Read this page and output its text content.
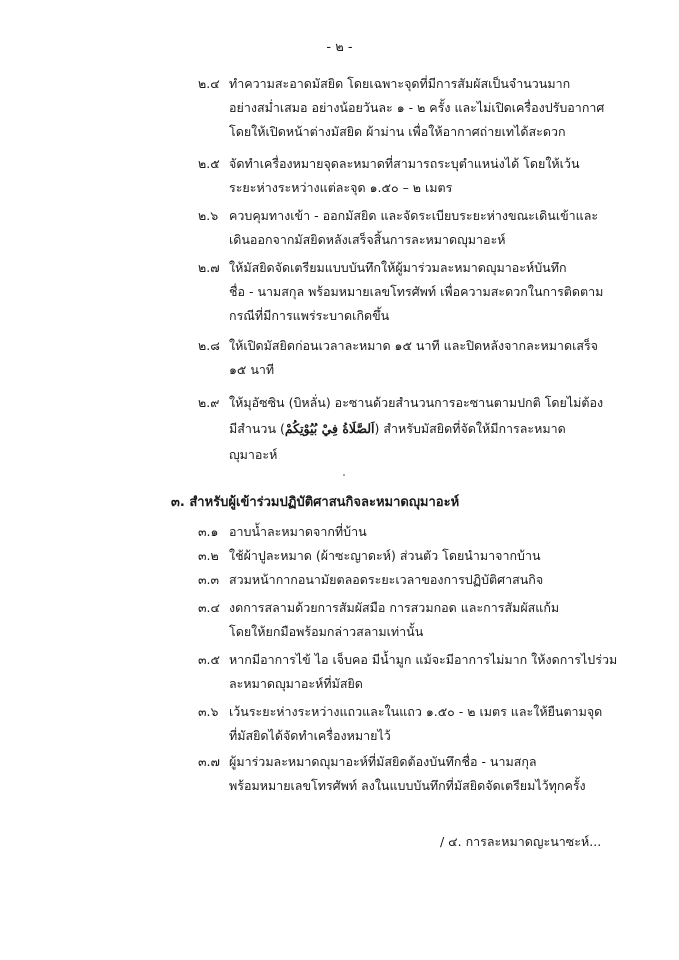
- ๒ -
๒.๔ ทำความสะอาดมัสยิด โดยเฉพาะจุดที่มีการสัมผัสเป็นจำนวนมาก
อย่างสม่ำเสมอ อย่างน้อยวันละ ๑ - ๒ ครั้ง และไม่เปิดเครื่องปรับอากาศ
โดยให้เปิดหน้าต่างมัสยิด ผ้าม่าน เพื่อให้อากาศถ่ายเทได้สะดวก
๒.๕ จัดทำเครื่องหมายจุดละหมาดที่สามารถระบุตำแหน่งได้ โดยให้เว้น
ระยะห่างระหว่างแต่ละจุด ๑.๕๐ – ๒ เมตร
๒.๖ ควบคุมทางเข้า - ออกมัสยิด และจัดระเบียบระยะห่างขณะเดินเข้าและ
เดินออกจากมัสยิดหลังเสร็จสิ้นการละหมาดญุมาอะห์
๒.๗ ให้มัสยิดจัดเตรียมแบบบันทึกให้ผู้มาร่วมละหมาดญุมาอะห์บันทึก
ชื่อ - นามสกุล พร้อมหมายเลขโทรศัพท์ เพื่อความสะดวกในการติดตาม
กรณีที่มีการแพร่ระบาดเกิดขึ้น
๒.๘ ให้เปิดมัสยิดก่อนเวลาละหมาด ๑๕ นาที และปิดหลังจากละหมาดเสร็จ
๑๕ นาที
๒.๙ ให้มุอัซซิน (บิหลั่น) อะซานด้วยสำนวนการอะซานตามปกติ โดยไม่ต้อง
มีสำนวน (اَلصَّلَاةُ فِيْ بُيُوْتِكُمْ) สำหรับมัสยิดที่จัดให้มีการละหมาด
ญุมาอะห์
๓. สำหรับผู้เข้าร่วมปฏิบัติศาสนกิจละหมาดญุมาอะห์
๓.๑ อาบน้ำละหมาดจากที่บ้าน
๓.๒ ใช้ผ้าปูละหมาด (ผ้าซะญาดะห์) ส่วนตัว โดยนำมาจากบ้าน
๓.๓ สวมหน้ากากอนามัยตลอดระยะเวลาของการปฏิบัติศาสนกิจ
๓.๔ งดการสลามด้วยการสัมผัสมือ การสวมกอด และการสัมผัสแก้ม
โดยให้ยกมือพร้อมกล่าวสลามเท่านั้น
๓.๕ หากมีอาการไข้ ไอ เจ็บคอ มีน้ำมูก แม้จะมีอาการไม่มาก ให้งดการไปร่วม
ละหมาดญุมาอะห์ที่มัสยิด
๓.๖ เว้นระยะห่างระหว่างแถวและในแถว ๑.๕๐ - ๒ เมตร และให้ยืนตามจุด
ที่มัสยิดได้จัดทำเครื่องหมายไว้
๓.๗ ผู้มาร่วมละหมาดญุมาอะห์ที่มัสยิดต้องบันทึกชื่อ - นามสกุล
พร้อมหมายเลขโทรศัพท์ ลงในแบบบันทึกที่มัสยิดจัดเตรียมไว้ทุกครั้ง
/ ๔. การละหมาดญะนาซะห์...
